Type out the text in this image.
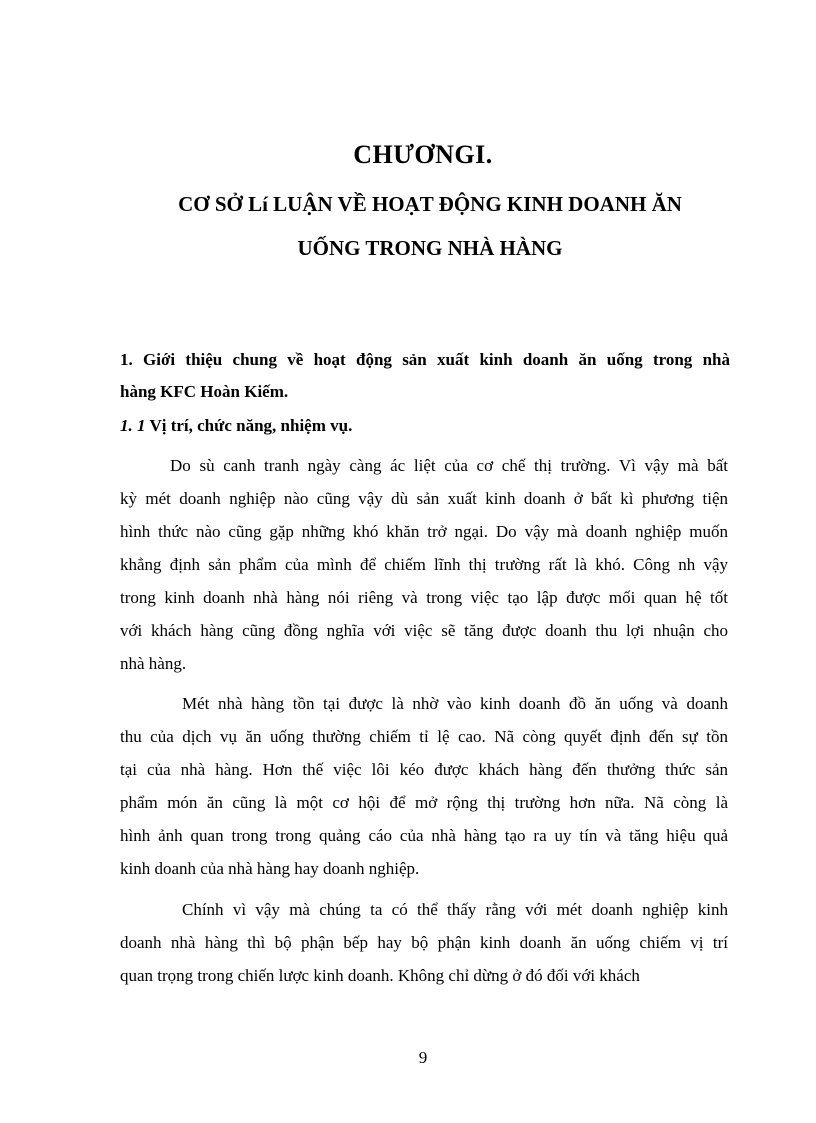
CHƯƠNGI.
CƠ SỞ Lí LUẬN VỀ HOẠT ĐỘNG KINH DOANH ĂN
UỐNG TRONG NHÀ HÀNG
1. Giới thiệu chung về hoạt động sản xuất kinh doanh ăn uống trong nhà
hàng KFC Hoàn Kiếm.
1. 1 Vị trí, chức năng, nhiệm vụ.
Do sù canh tranh ngày càng ác liệt của cơ chế thị trường. Vì vậy mà bất
kỳ mét doanh nghiệp nào cũng vậy dù sản xuất kinh doanh ở bất kì phương tiện
hình thức nào cũng gặp những khó khăn trở ngại. Do vậy mà doanh nghiệp muốn
khẳng định sản phẩm của mình để chiếm lĩnh thị trường rất là khó. Công nh vậy
trong kinh doanh nhà hàng nói riêng và trong việc tạo lập được mối quan hệ tốt
với khách hàng cũng đồng nghĩa với việc sẽ tăng được doanh thu lợi nhuận cho
nhà hàng.
Mét nhà hàng tồn tại được là nhờ vào kinh doanh đồ ăn uống và doanh
thu của dịch vụ ăn uống thường chiếm tỉ lệ cao. Nã còng quyết định đến sự tồn
tại của nhà hàng. Hơn thế việc lôi kéo được khách hàng đến thưởng thức sản
phẩm món ăn cũng là một cơ hội để mở rộng thị trường hơn nữa. Nã còng là
hình ảnh quan trong trong quảng cáo của nhà hàng tạo ra uy tín và tăng hiệu quả
kinh doanh của nhà hàng hay doanh nghiệp.
Chính vì vậy mà chúng ta có thể thấy rằng với mét doanh nghiệp kinh
doanh nhà hàng thì bộ phận bếp hay bộ phận kinh doanh ăn uống chiếm vị trí
quan trọng trong chiến lược kinh doanh. Không chỉ dừng ở đó đối với khách
9
